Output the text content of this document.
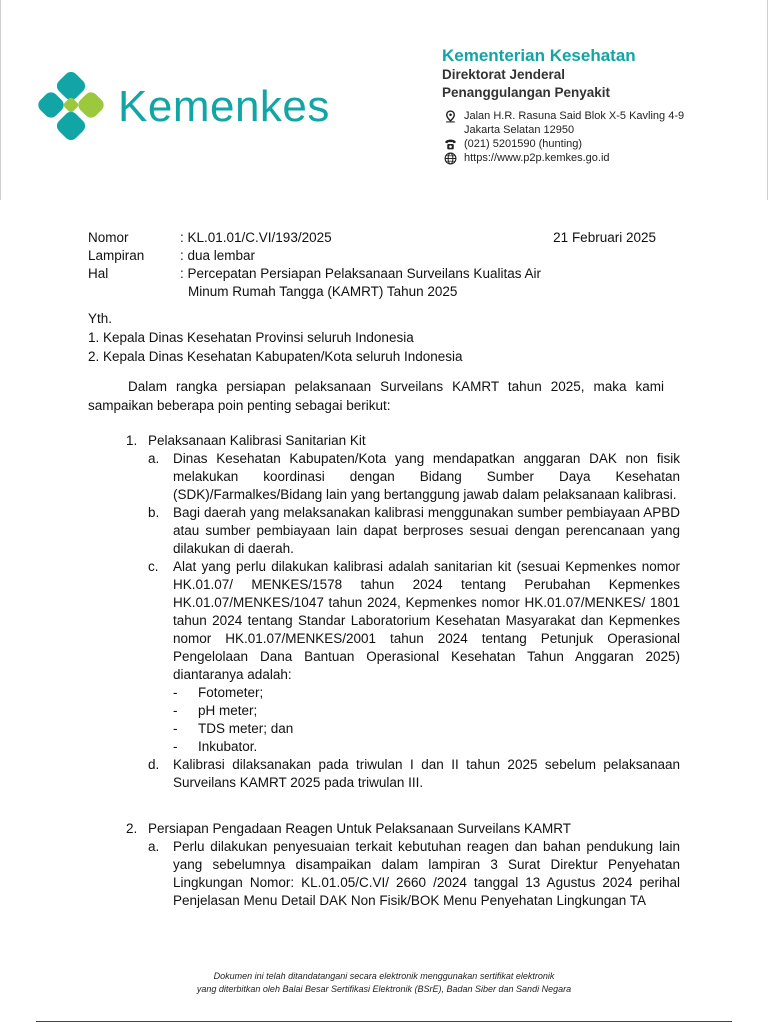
Kemenkes
Kementerian Kesehatan
Direktorat Jenderal
Penanggulangan Penyakit
Jalan H.R. Rasuna Said Blok X-5 Kavling 4-9
Jakarta Selatan 12950
(021) 5201590 (hunting)
https://www.p2p.kemkes.go.id
Nomor	: KL.01.01/C.VI/193/2025	21 Februari 2025
Lampiran	: dua lembar
Hal	: Percepatan Persiapan Pelaksanaan Surveilans Kualitas Air
Minum Rumah Tangga (KAMRT) Tahun 2025
Yth.
1. Kepala Dinas Kesehatan Provinsi seluruh Indonesia
2. Kepala Dinas Kesehatan Kabupaten/Kota seluruh Indonesia
Dalam rangka persiapan pelaksanaan Surveilans KAMRT tahun 2025, maka kami sampaikan beberapa poin penting sebagai berikut:
1. Pelaksanaan Kalibrasi Sanitarian Kit
a. Dinas Kesehatan Kabupaten/Kota yang mendapatkan anggaran DAK non fisik melakukan koordinasi dengan Bidang Sumber Daya Kesehatan (SDK)/Farmalkes/Bidang lain yang bertanggung jawab dalam pelaksanaan kalibrasi.
b. Bagi daerah yang melaksanakan kalibrasi menggunakan sumber pembiayaan APBD atau sumber pembiayaan lain dapat berproses sesuai dengan perencanaan yang dilakukan di daerah.
c. Alat yang perlu dilakukan kalibrasi adalah sanitarian kit (sesuai Kepmenkes nomor HK.01.07/ MENKES/1578 tahun 2024 tentang Perubahan Kepmenkes HK.01.07/MENKES/1047 tahun 2024, Kepmenkes nomor HK.01.07/MENKES/ 1801 tahun 2024 tentang Standar Laboratorium Kesehatan Masyarakat dan Kepmenkes nomor HK.01.07/MENKES/2001 tahun 2024 tentang Petunjuk Operasional Pengelolaan Dana Bantuan Operasional Kesehatan Tahun Anggaran 2025) diantaranya adalah:
- Fotometer;
- pH meter;
- TDS meter; dan
- Inkubator.
d. Kalibrasi dilaksanakan pada triwulan I dan II tahun 2025 sebelum pelaksanaan Surveilans KAMRT 2025 pada triwulan III.
2. Persiapan Pengadaan Reagen Untuk Pelaksanaan Surveilans KAMRT
a. Perlu dilakukan penyesuaian terkait kebutuhan reagen dan bahan pendukung lain yang sebelumnya disampaikan dalam lampiran 3 Surat Direktur Penyehatan Lingkungan Nomor: KL.01.05/C.VI/ 2660 /2024 tanggal 13 Agustus 2024 perihal Penjelasan Menu Detail DAK Non Fisik/BOK Menu Penyehatan Lingkungan TA
Dokumen ini telah ditandatangani secara elektronik menggunakan sertifikat elektronik
yang diterbitkan oleh Balai Besar Sertifikasi Elektronik (BSrE), Badan Siber dan Sandi Negara
